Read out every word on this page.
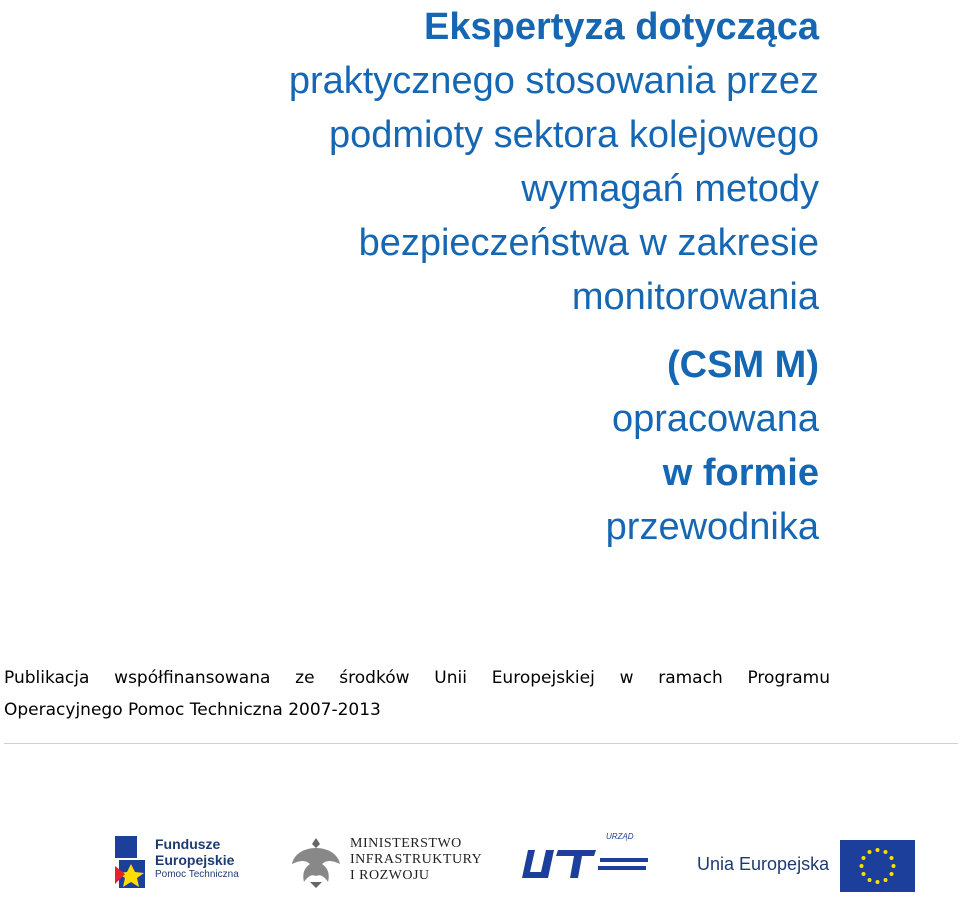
Ekspertyza dotycząca
praktycznego stosowania przez
podmioty sektora kolejowego
wymagań metody
bezpieczeństwa w zakresie
monitorowania
(CSM M)
opracowana
w formie
przewodnika
Publikacja współfinansowana ze środków Unii Europejskiej w ramach Programu
Operacyjnego Pomoc Techniczna 2007-2013
Fundusze
Europejskie
Pomoc Techniczna
MINISTERSTWO
INFRASTRUKTURY
I ROZWOJU
URZĄD
Unia Europejska
